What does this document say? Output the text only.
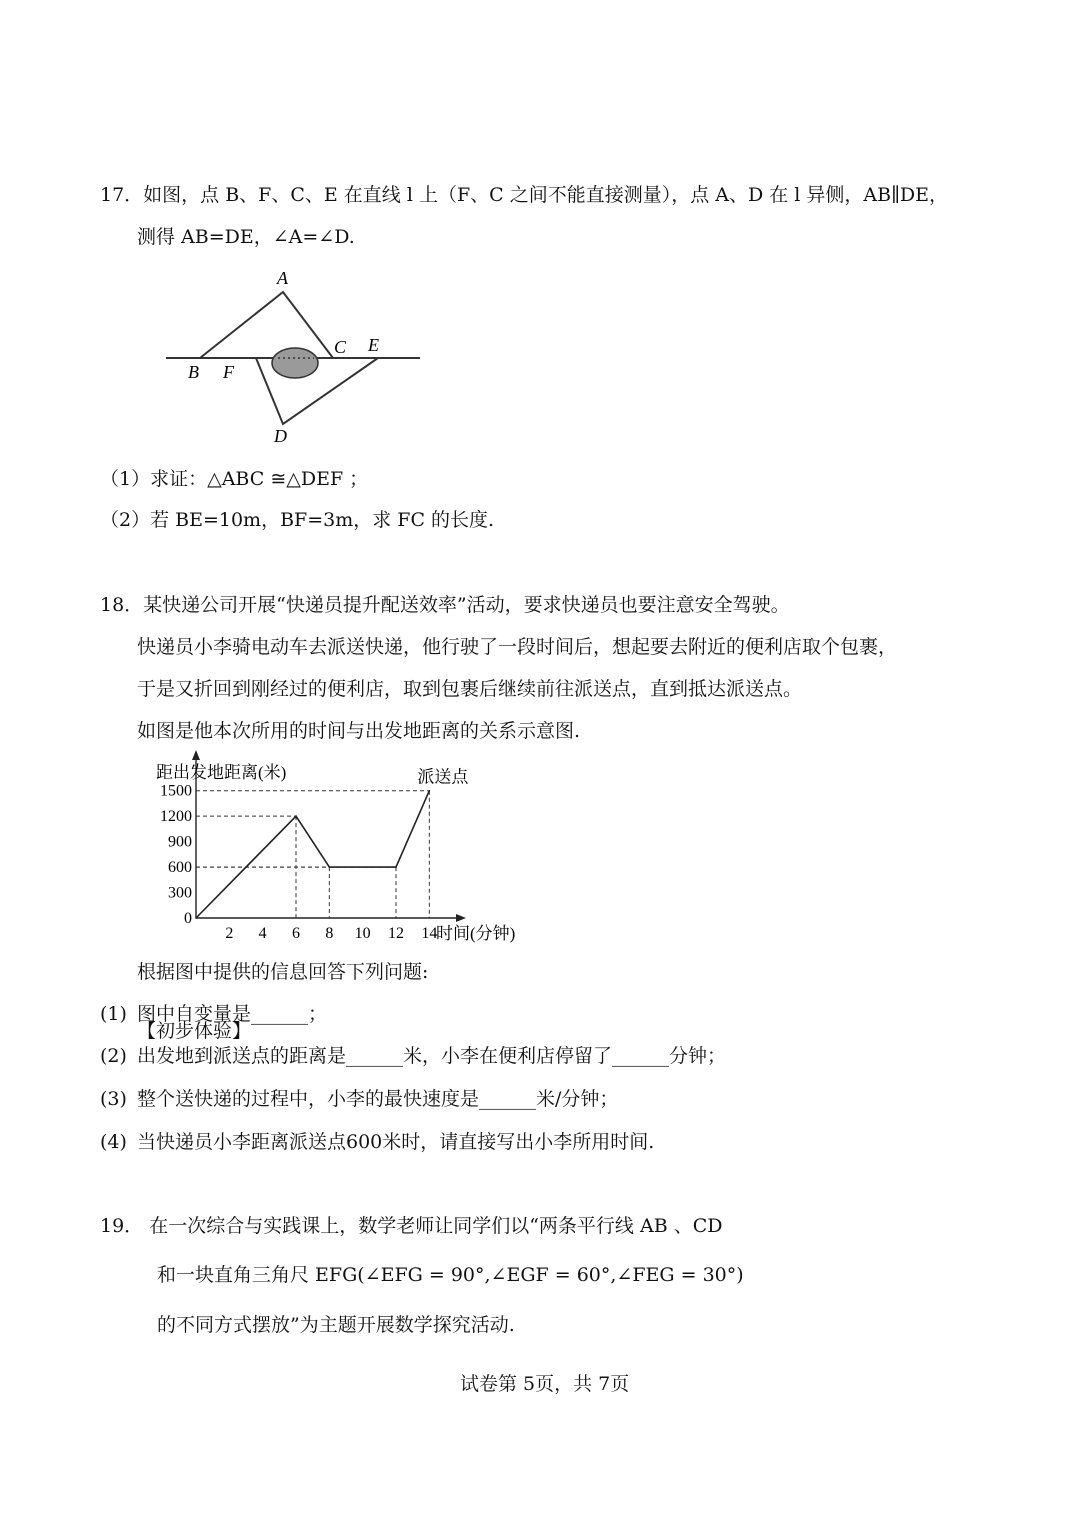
17．如图，点 B、F、C、E 在直线 l 上（F、C 之间不能直接测量），点 A、D 在 l 异侧，AB∥DE，
测得 AB=DE，∠A=∠D.
A
B F
C E
D
（1）求证：△ABC ≅△DEF ；
（2）若 BE=10m，BF=3m，求 FC 的长度.
18．某快递公司开展“快递员提升配送效率”活动，要求快递员也要注意安全驾驶。
快递员小李骑电动车去派送快递，他行驶了一段时间后，想起要去附近的便利店取个包裹，
于是又折回到刚经过的便利店，取到包裹后继续前往派送点，直到抵达派送点。
如图是他本次所用的时间与出发地距离的关系示意图.
2 4 6 8 10 12 14
0
300
600
900
1200
1500
距出发地距离(米)
时间(分钟)
派送点
根据图中提供的信息回答下列问题:
(1) 图中自变量是______；
(2) 出发地到派送点的距离是______米，小李在便利店停留了______分钟；
(3) 整个送快递的过程中，小李的最快速度是______米/分钟；
(4) 当快递员小李距离派送点600米时，请直接写出小李所用时间.
19． 在一次综合与实践课上，数学老师让同学们以“两条平行线 AB 、CD
和一块直角三角尺 EFG(∠EFG = 90°,∠EGF = 60°,∠FEG = 30°)
的不同方式摆放”为主题开展数学探究活动.
【初步体验】
试卷第 5页，共 7页
